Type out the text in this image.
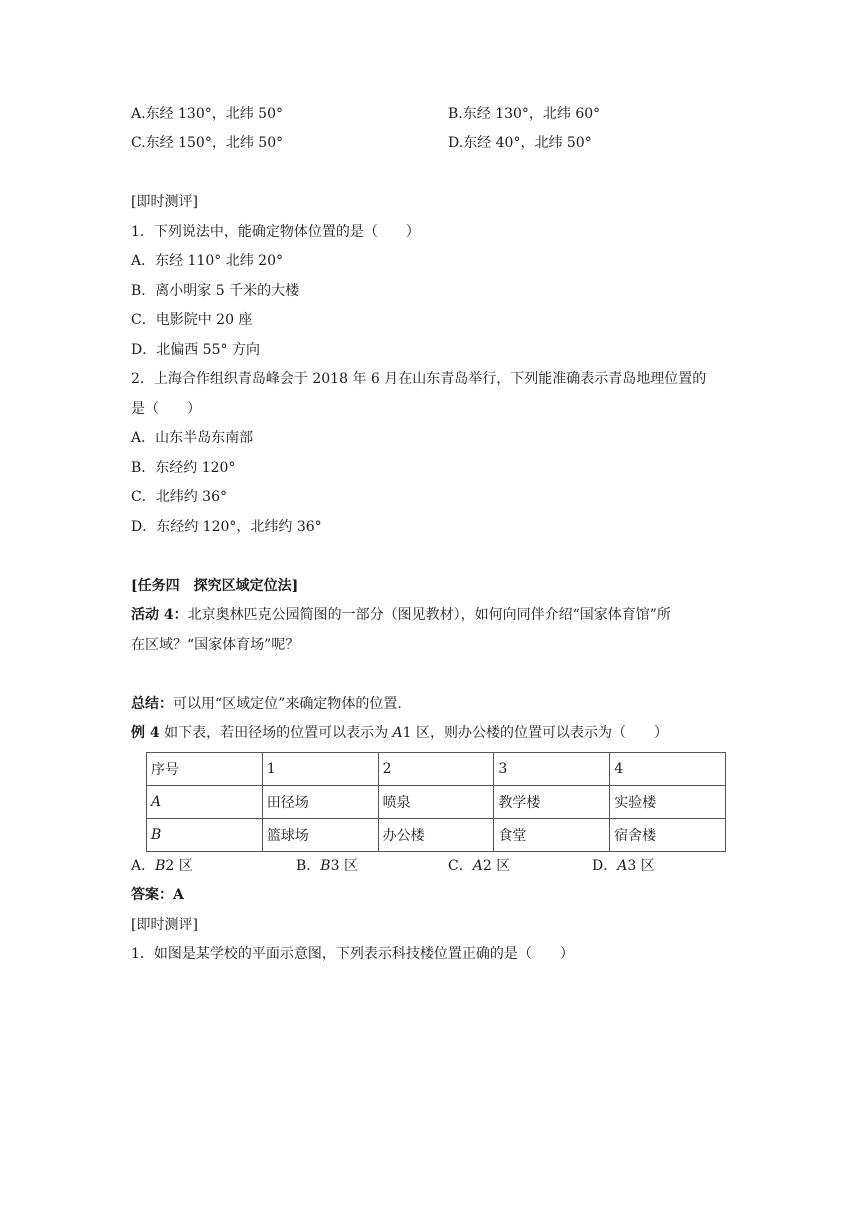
A.东经 130°，北纬 50°	B.东经 130°，北纬 60°
C.东经 150°，北纬 50°	D.东经 40°，北纬 50°
[即时测评]
1．下列说法中，能确定物体位置的是（　　）
A．东经 110° 北纬 20°
B．离小明家 5 千米的大楼
C．电影院中 20 座
D．北偏西 55° 方向
2．上海合作组织青岛峰会于 2018 年 6 月在山东青岛举行，下列能准确表示青岛地理位置的
是（　　）
A．山东半岛东南部
B．东经约 120°
C．北纬约 36°
D．东经约 120°，北纬约 36°
[任务四　探究区域定位法]
活动 4：北京奥林匹克公园简图的一部分（图见教材），如何向同伴介绍“国家体育馆”所
在区域？“国家体育场”呢？
总结：可以用“区域定位”来确定物体的位置.
例 4 如下表，若田径场的位置可以表示为 A1 区，则办公楼的位置可以表示为（　　）
序号	1	2	3	4
A	田径场	喷泉	教学楼	实验楼
B	篮球场	办公楼	食堂	宿舍楼
A．B2 区	B．B3 区	C．A2 区	D．A3 区
答案：A
[即时测评]
1．如图是某学校的平面示意图，下列表示科技楼位置正确的是（　　）
